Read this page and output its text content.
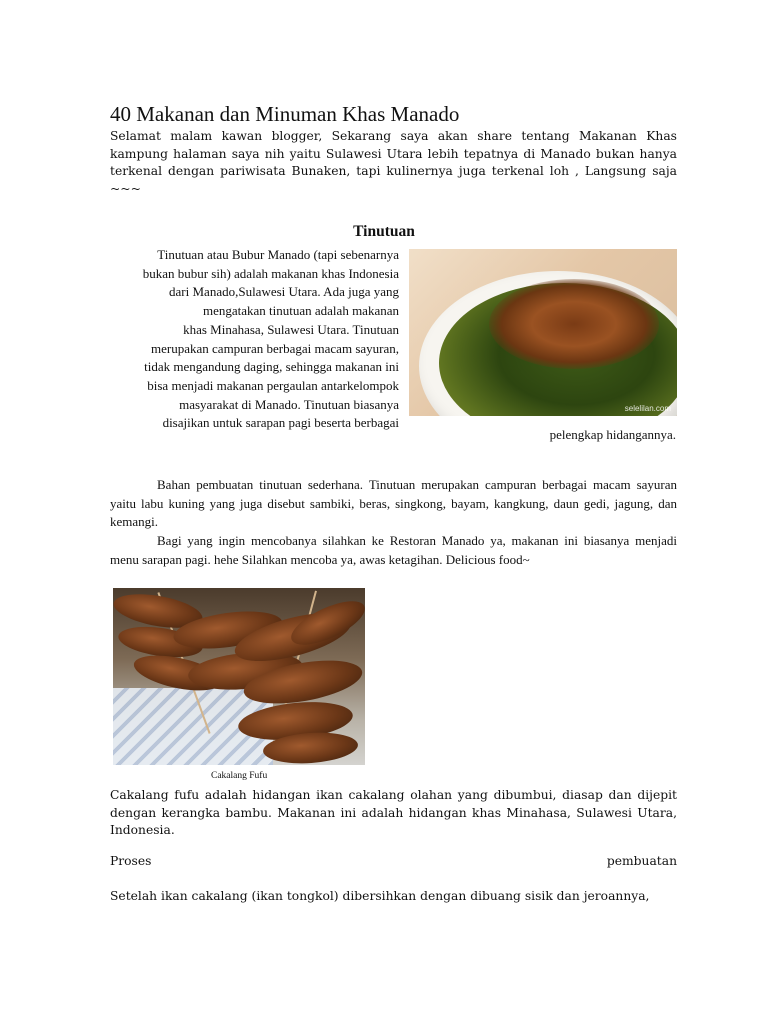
40 Makanan dan Minuman Khas Manado

Selamat malam kawan blogger, Sekarang saya akan share tentang Makanan Khas kampung halaman saya nih yaitu Sulawesi Utara lebih tepatnya di Manado bukan hanya terkenal dengan pariwisata Bunaken, tapi kulinernya juga terkenal loh , Langsung saja ~~~

Tinutuan
Tinutuan atau Bubur Manado (tapi sebenarnya
bukan bubur sih) adalah makanan khas Indonesia
dari Manado,Sulawesi Utara. Ada juga yang
mengatakan tinutuan adalah makanan
khas Minahasa, Sulawesi Utara. Tinutuan
merupakan campuran berbagai macam sayuran,
tidak mengandung daging, sehingga makanan ini
bisa menjadi makanan pergaulan antarkelompok
masyarakat di Manado. Tinutuan biasanya
disajikan untuk sarapan pagi beserta berbagai
selelilan.com

pelengkap hidangannya.

Bahan pembuatan tinutuan sederhana. Tinutuan merupakan campuran berbagai macam sayuran yaitu labu kuning yang juga disebut sambiki, beras, singkong, bayam, kangkung, daun gedi, jagung, dan kemangi.

Bagi yang ingin mencobanya silahkan ke Restoran Manado ya, makanan ini biasanya menjadi menu sarapan pagi. hehe Silahkan mencoba ya, awas ketagihan. Delicious food~

Cakalang Fufu

Cakalang fufu adalah hidangan ikan cakalang olahan yang dibumbui, diasap dan dijepit dengan kerangka bambu. Makanan ini adalah hidangan khas Minahasa, Sulawesi Utara, Indonesia.

Proses	pembuatan

Setelah ikan cakalang (ikan tongkol) dibersihkan dengan dibuang sisik dan jeroannya,
